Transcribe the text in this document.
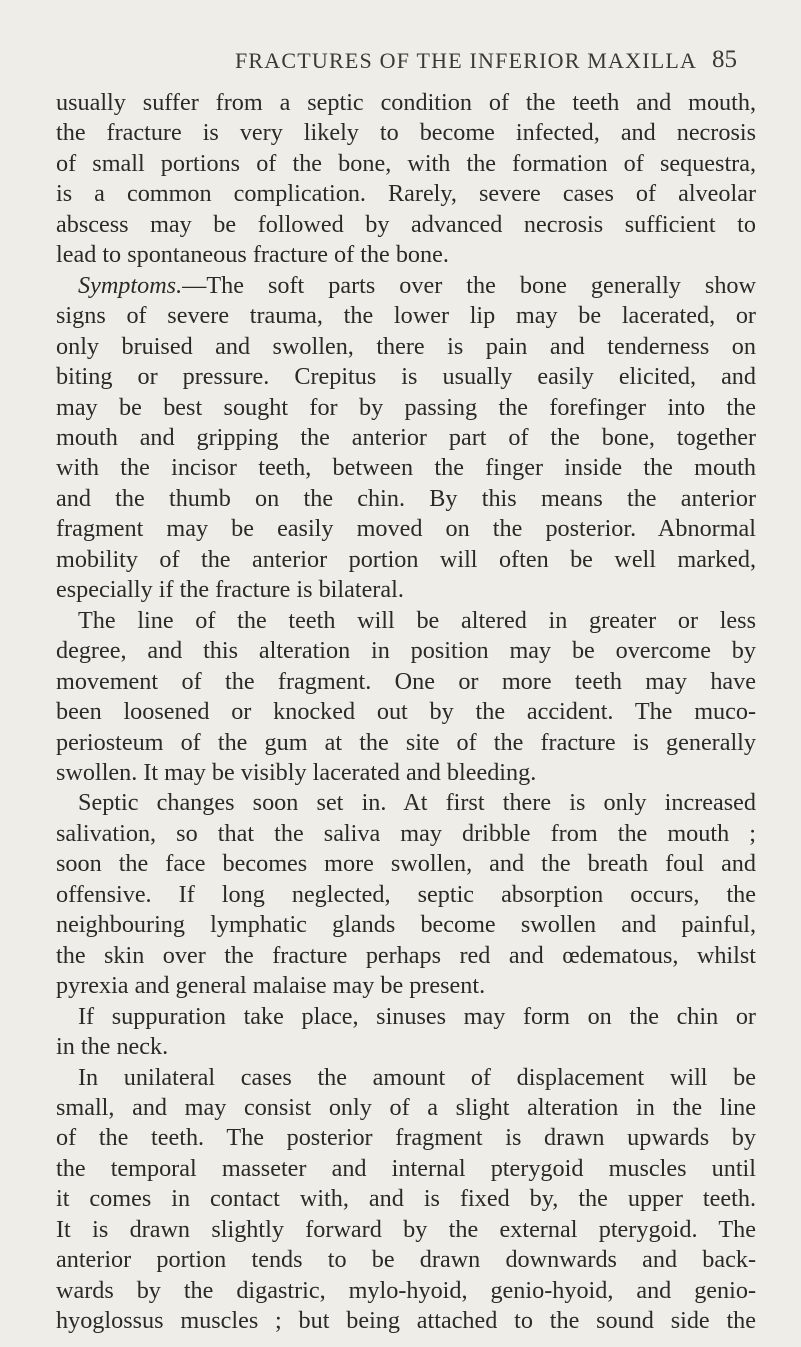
FRACTURES OF THE INFERIOR MAXILLA 85

usually suffer from a septic condition of the teeth and mouth,
the fracture is very likely to become infected, and necrosis
of small portions of the bone, with the formation of sequestra,
is a common complication. Rarely, severe cases of alveolar
abscess may be followed by advanced necrosis sufficient to
lead to spontaneous fracture of the bone.

Symptoms.—The soft parts over the bone generally show
signs of severe trauma, the lower lip may be lacerated, or
only bruised and swollen, there is pain and tenderness on
biting or pressure. Crepitus is usually easily elicited, and
may be best sought for by passing the forefinger into the
mouth and gripping the anterior part of the bone, together
with the incisor teeth, between the finger inside the mouth
and the thumb on the chin. By this means the anterior
fragment may be easily moved on the posterior. Abnormal
mobility of the anterior portion will often be well marked,
especially if the fracture is bilateral.

The line of the teeth will be altered in greater or less
degree, and this alteration in position may be overcome by
movement of the fragment. One or more teeth may have
been loosened or knocked out by the accident. The muco-
periosteum of the gum at the site of the fracture is generally
swollen. It may be visibly lacerated and bleeding.

Septic changes soon set in. At first there is only increased
salivation, so that the saliva may dribble from the mouth ;
soon the face becomes more swollen, and the breath foul and
offensive. If long neglected, septic absorption occurs, the
neighbouring lymphatic glands become swollen and painful,
the skin over the fracture perhaps red and œdematous, whilst
pyrexia and general malaise may be present.

If suppuration take place, sinuses may form on the chin or
in the neck.

In unilateral cases the amount of displacement will be
small, and may consist only of a slight alteration in the line
of the teeth. The posterior fragment is drawn upwards by
the temporal masseter and internal pterygoid muscles until
it comes in contact with, and is fixed by, the upper teeth.
It is drawn slightly forward by the external pterygoid. The
anterior portion tends to be drawn downwards and back-
wards by the digastric, mylo-hyoid, genio-hyoid, and genio-
hyoglossus muscles ; but being attached to the sound side the
